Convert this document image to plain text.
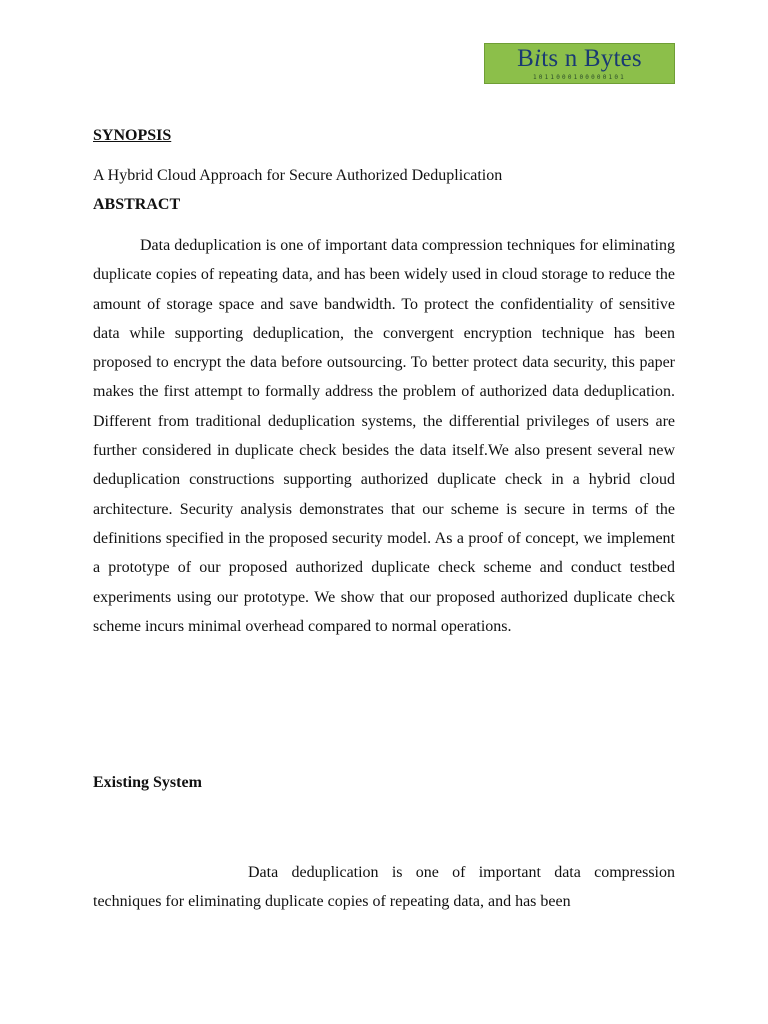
Bits n Bytes
1011000100000101
SYNOPSIS
A Hybrid Cloud Approach for Secure Authorized Deduplication
ABSTRACT

Data deduplication is one of important data compression techniques for eliminating duplicate copies of repeating data, and has been widely used in cloud storage to reduce the amount of storage space and save bandwidth. To protect the confidentiality of sensitive data while supporting deduplication, the convergent encryption technique has been proposed to encrypt the data before outsourcing. To better protect data security, this paper makes the first attempt to formally address the problem of authorized data deduplication. Different from traditional deduplication systems, the differential privileges of users are further considered in duplicate check besides the data itself.We also present several new deduplication constructions supporting authorized duplicate check in a hybrid cloud architecture. Security analysis demonstrates that our scheme is secure in terms of the definitions specified in the proposed security model. As a proof of concept, we implement a prototype of our proposed authorized duplicate check scheme and conduct testbed experiments using our prototype. We show that our proposed authorized duplicate check scheme incurs minimal overhead compared to normal operations.

Existing System

Data deduplication is one of important data compression techniques for eliminating duplicate copies of repeating data, and has been
